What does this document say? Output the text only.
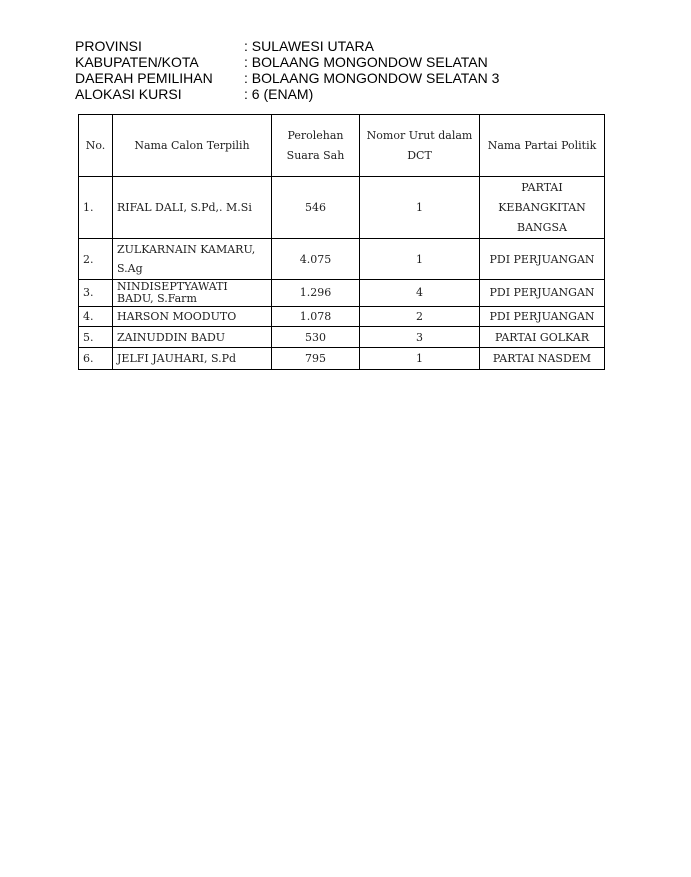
PROVINSI	: SULAWESI UTARA
KABUPATEN/KOTA	: BOLAANG MONGONDOW SELATAN
DAERAH PEMILIHAN	: BOLAANG MONGONDOW SELATAN 3
ALOKASI KURSI	: 6 (ENAM)
No.	Nama Calon Terpilih	Perolehan Suara Sah	Nomor Urut dalam DCT	Nama Partai Politik
1.	RIFAL DALI, S.Pd,. M.Si	546	1	PARTAI KEBANGKITAN BANGSA
2.	ZULKARNAIN KAMARU, S.Ag	4.075	1	PDI PERJUANGAN
3.	NINDISEPTYAWATI BADU, S.Farm	1.296	4	PDI PERJUANGAN
4.	HARSON MOODUTO	1.078	2	PDI PERJUANGAN
5.	ZAINUDDIN BADU	530	3	PARTAI GOLKAR
6.	JELFI JAUHARI, S.Pd	795	1	PARTAI NASDEM
